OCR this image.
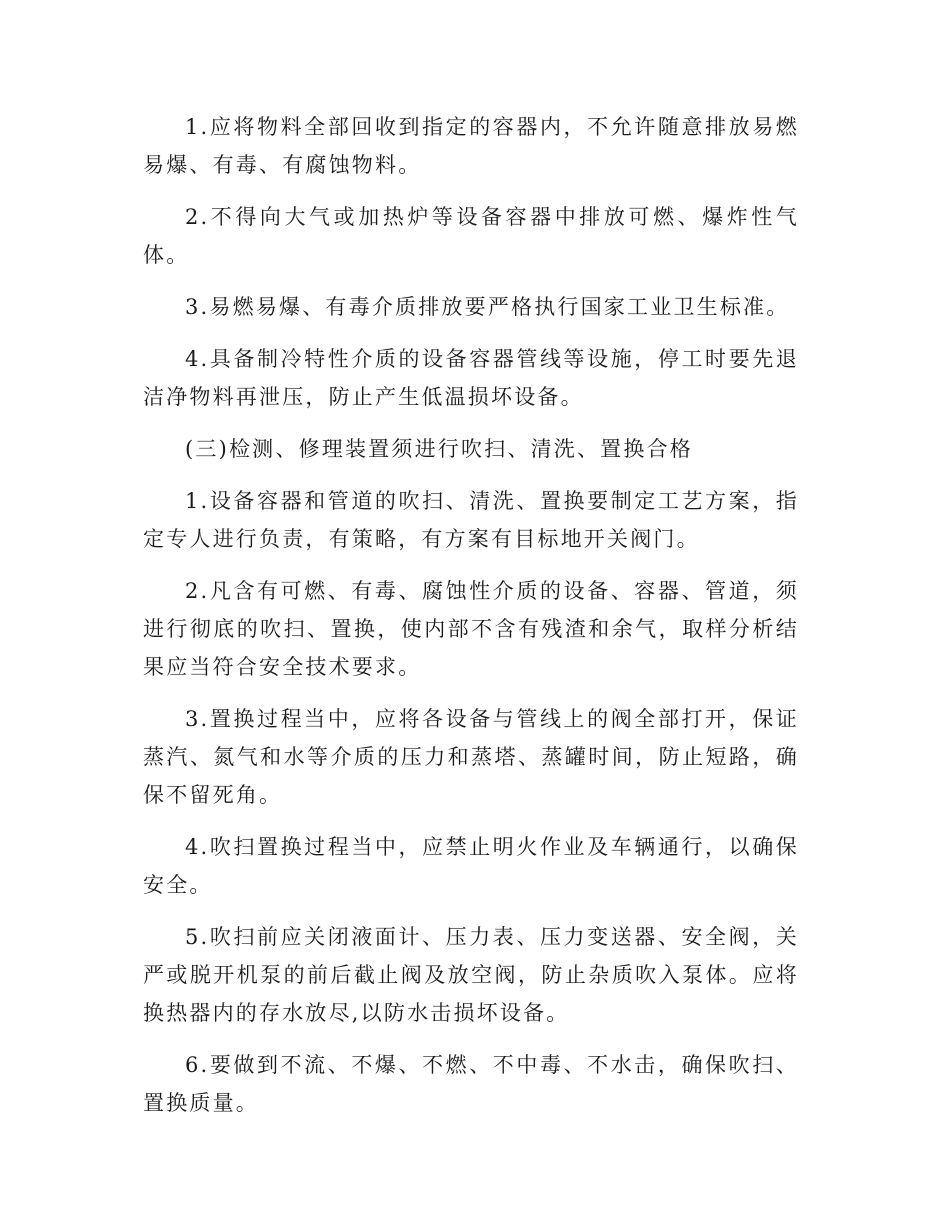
1.应将物料全部回收到指定的容器内，不允许随意排放易燃易爆、有毒、有腐蚀物料。

2.不得向大气或加热炉等设备容器中排放可燃、爆炸性气体。

3.易燃易爆、有毒介质排放要严格执行国家工业卫生标准。

4.具备制冷特性介质的设备容器管线等设施，停工时要先退洁净物料再泄压，防止产生低温损坏设备。

(三)检测、修理装置须进行吹扫、清洗、置换合格

1.设备容器和管道的吹扫、清洗、置换要制定工艺方案，指定专人进行负责，有策略，有方案有目标地开关阀门。

2.凡含有可燃、有毒、腐蚀性介质的设备、容器、管道，须进行彻底的吹扫、置换，使内部不含有残渣和余气，取样分析结果应当符合安全技术要求。

3.置换过程当中，应将各设备与管线上的阀全部打开，保证蒸汽、氮气和水等介质的压力和蒸塔、蒸罐时间，防止短路，确保不留死角。

4.吹扫置换过程当中，应禁止明火作业及车辆通行，以确保安全。

5.吹扫前应关闭液面计、压力表、压力变送器、安全阀，关严或脱开机泵的前后截止阀及放空阀，防止杂质吹入泵体。应将换热器内的存水放尽,以防水击损坏设备。

6.要做到不流、不爆、不燃、不中毒、不水击，确保吹扫、置换质量。
